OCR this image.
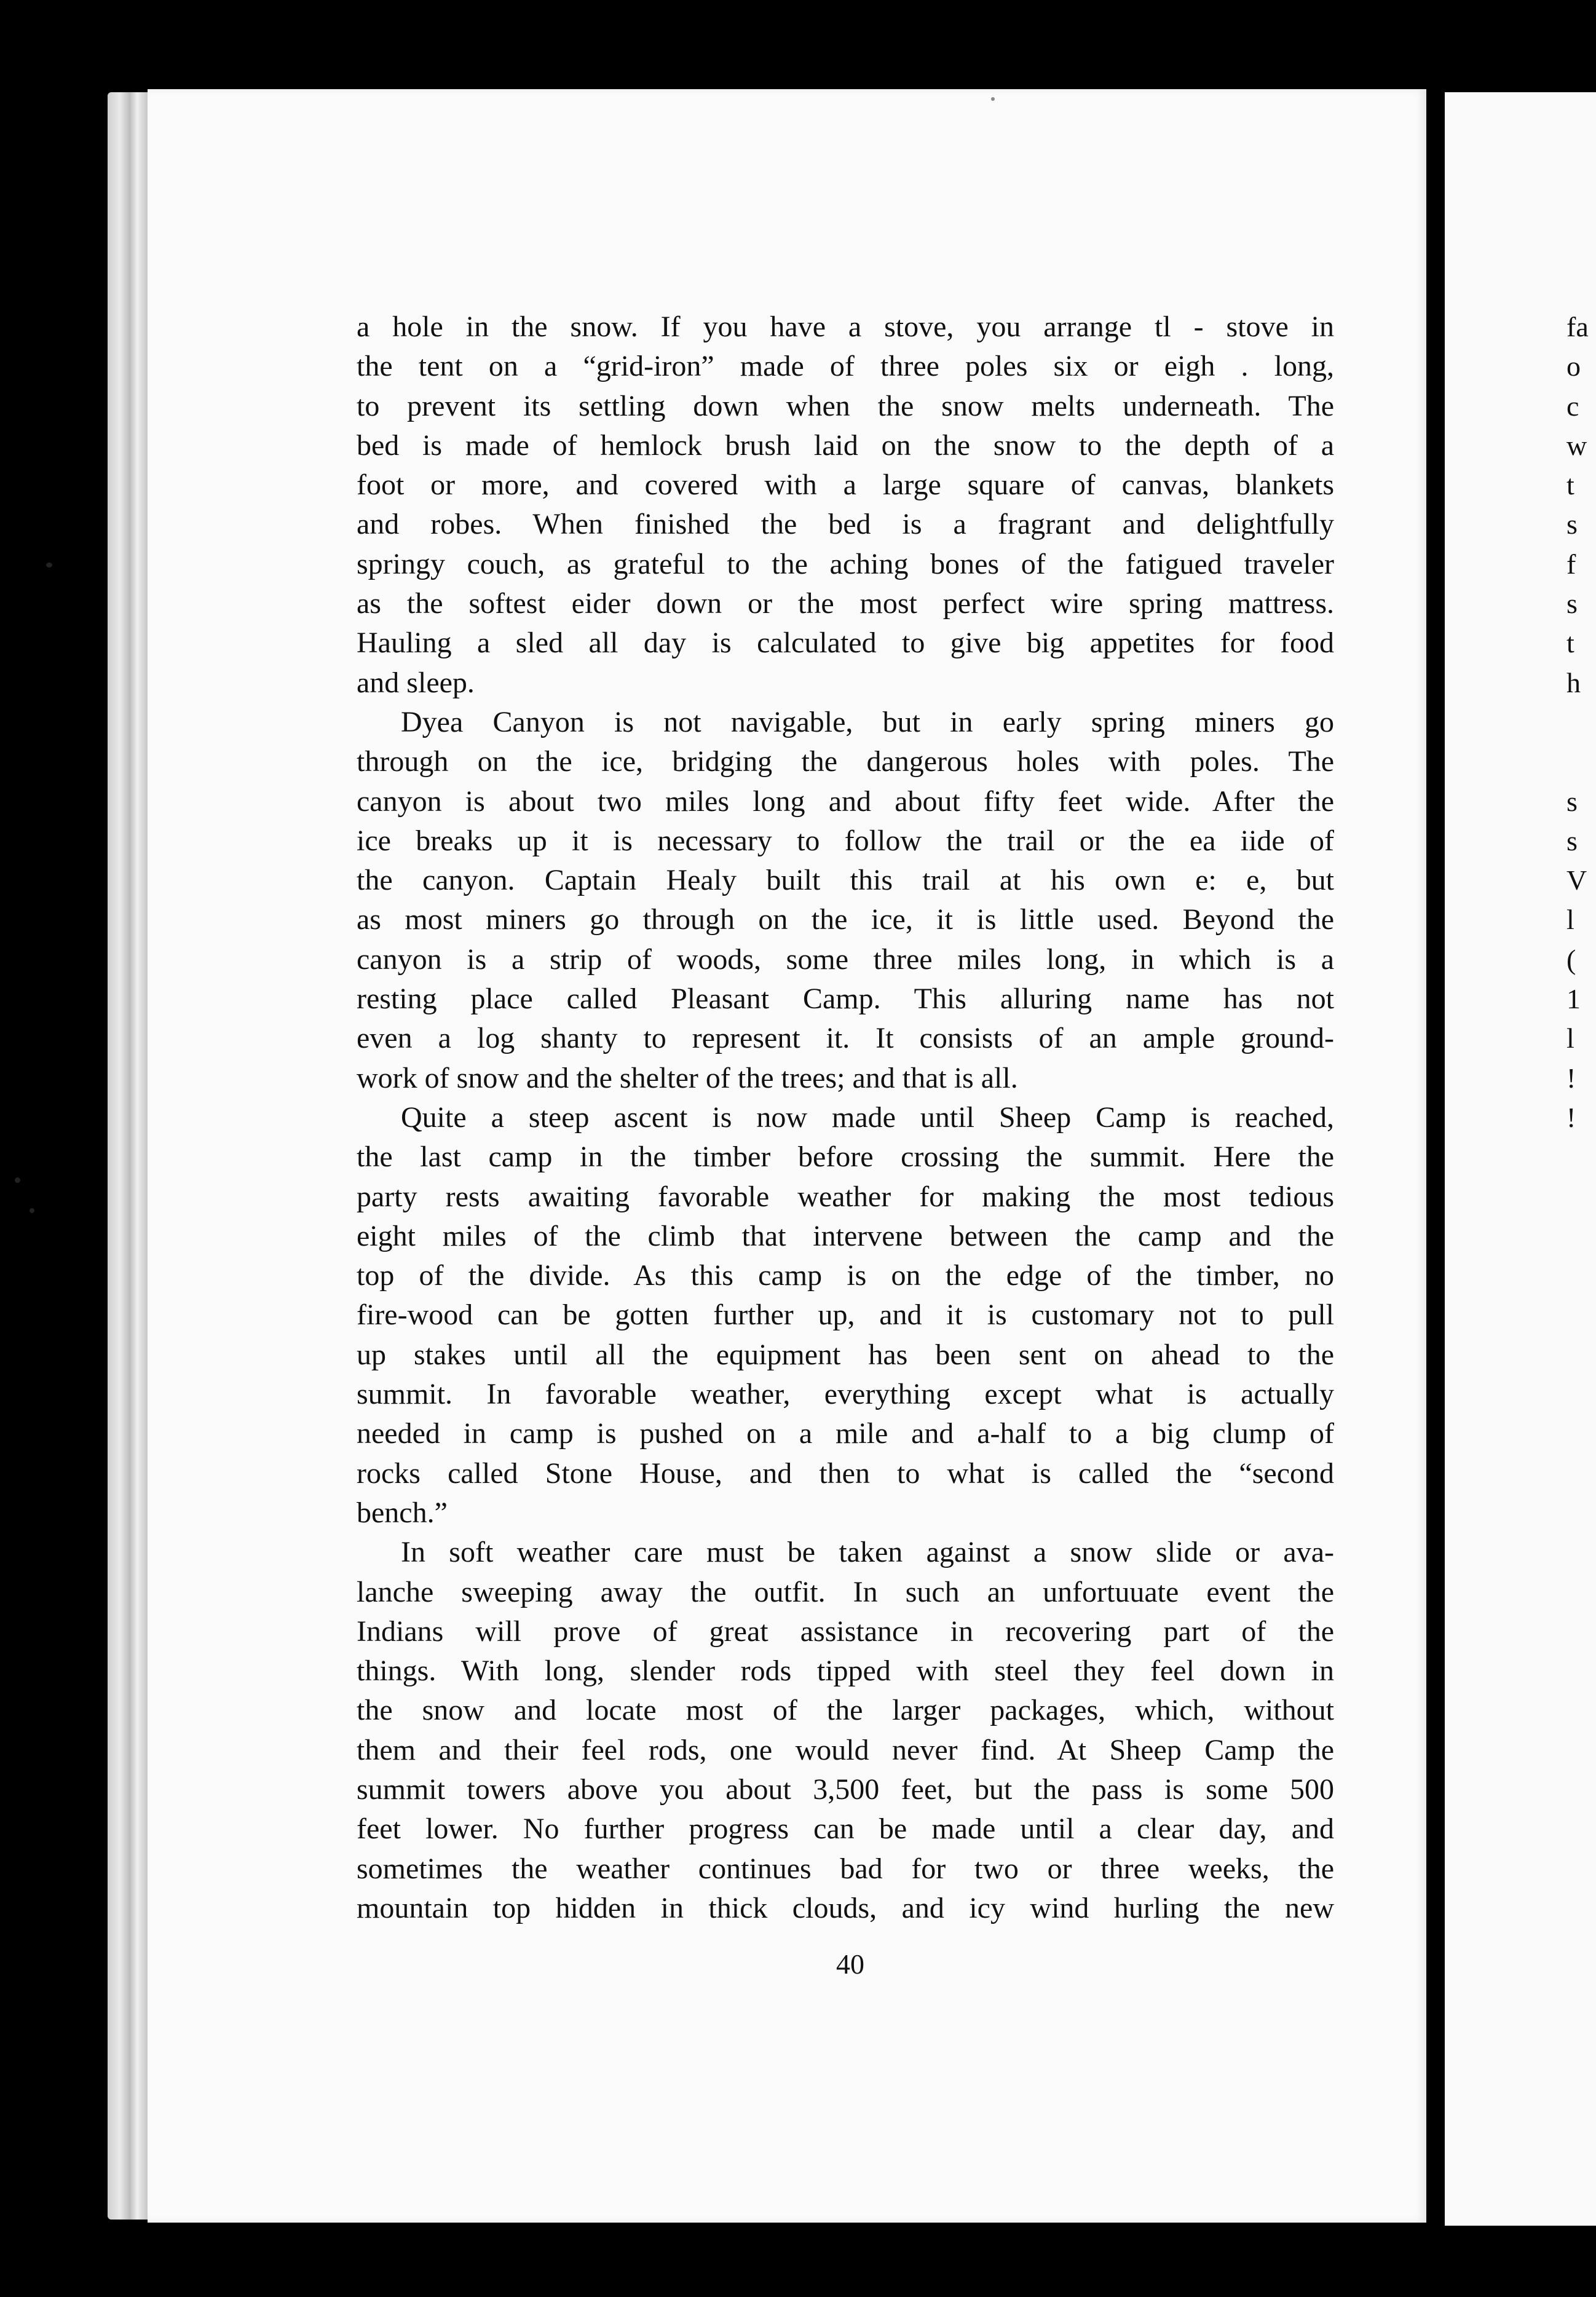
a hole in the snow. If you have a stove, you arrange tl - stove in
the tent on a “grid-iron” made of three poles six or eigh . long,
to prevent its settling down when the snow melts underneath. The
bed is made of hemlock brush laid on the snow to the depth of a
foot or more, and covered with a large square of canvas, blankets
and robes. When finished the bed is a fragrant and delightfully
springy couch, as grateful to the aching bones of the fatigued traveler
as the softest eider down or the most perfect wire spring mattress.
Hauling a sled all day is calculated to give big appetites for food
and sleep.
Dyea Canyon is not navigable, but in early spring miners go
through on the ice, bridging the dangerous holes with poles. The
canyon is about two miles long and about fifty feet wide. After the
ice breaks up it is necessary to follow the trail or the ea iide of
the canyon. Captain Healy built this trail at his own e: e, but
as most miners go through on the ice, it is little used. Beyond the
canyon is a strip of woods, some three miles long, in which is a
resting place called Pleasant Camp. This alluring name has not
even a log shanty to represent it. It consists of an ample ground-
work of snow and the shelter of the trees; and that is all.
Quite a steep ascent is now made until Sheep Camp is reached,
the last camp in the timber before crossing the summit. Here the
party rests awaiting favorable weather for making the most tedious
eight miles of the climb that intervene between the camp and the
top of the divide. As this camp is on the edge of the timber, no
fire-wood can be gotten further up, and it is customary not to pull
up stakes until all the equipment has been sent on ahead to the
summit. In favorable weather, everything except what is actually
needed in camp is pushed on a mile and a-half to a big clump of
rocks called Stone House, and then to what is called the “second
bench.”
In soft weather care must be taken against a snow slide or ava-
lanche sweeping away the outfit. In such an unfortuuate event the
Indians will prove of great assistance in recovering part of the
things. With long, slender rods tipped with steel they feel down in
the snow and locate most of the larger packages, which, without
them and their feel rods, one would never find. At Sheep Camp the
summit towers above you about 3,500 feet, but the pass is some 500
feet lower. No further progress can be made until a clear day, and
sometimes the weather continues bad for two or three weeks, the
mountain top hidden in thick clouds, and icy wind hurling the new
40
fa
o
c
w
t
s
f
s
t
h
s
s
V
l
(
1
l
!
!
